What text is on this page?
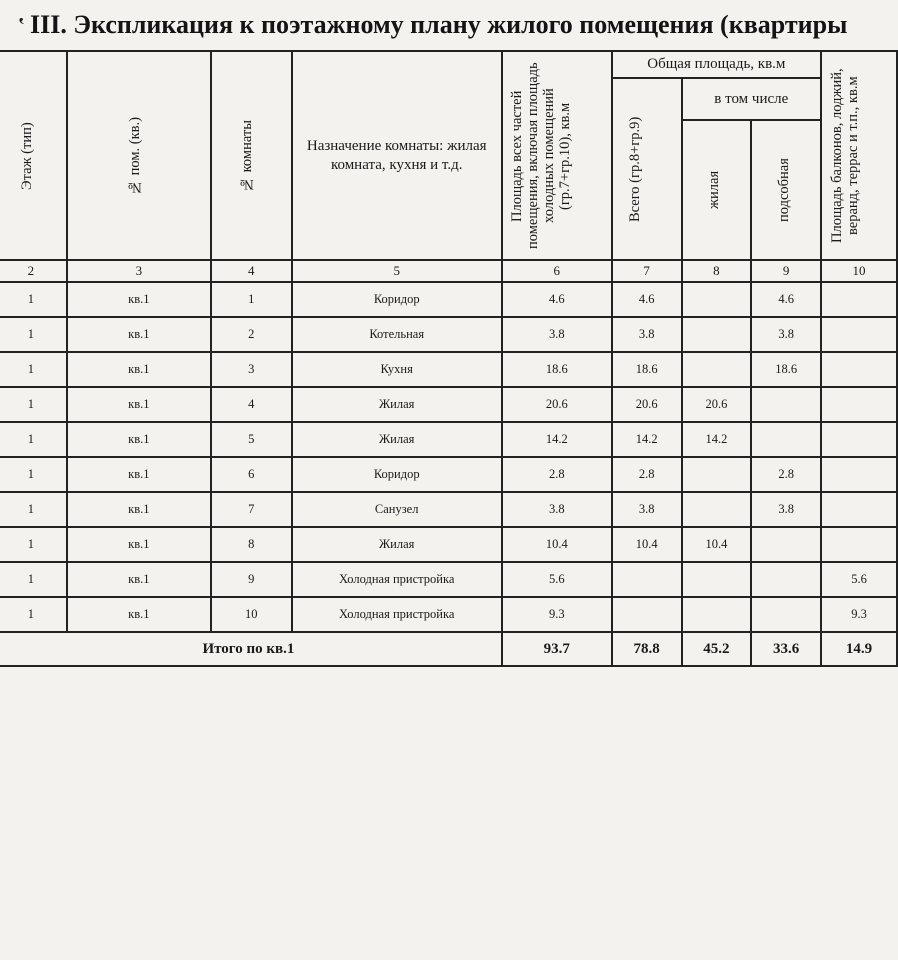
‛ III. Экспликация к поэтажному плану жилого помещения (квартиры
Этаж (тип)	№ пом. (кв.)	№ комнаты	Назначение комнаты: жилая комната, кухня и т.д.	Площадь всех частей помещения, включая площадь холодных помещений (гр.7+гр.10), кв.м	Общая площадь, кв.м			Площадь балконов, лоджий, веранд, террас и т.п., кв.м

					Всего (гр.8+гр.9)	в том числе		

						жилая	подсобная	

2	3	4	5	6	7	8	9	10
1	кв.1	1	Коридор	4.6	4.6		4.6	
1	кв.1	2	Котельная	3.8	3.8		3.8	
1	кв.1	3	Кухня	18.6	18.6		18.6	
1	кв.1	4	Жилая	20.6	20.6	20.6		
1	кв.1	5	Жилая	14.2	14.2	14.2		
1	кв.1	6	Коридор	2.8	2.8		2.8	
1	кв.1	7	Санузел	3.8	3.8		3.8	
1	кв.1	8	Жилая	10.4	10.4	10.4		
1	кв.1	9	Холодная пристройка	5.6				5.6
1	кв.1	10	Холодная пристройка	9.3				9.3
Итого по кв.1				93.7	78.8	45.2	33.6	14.9
